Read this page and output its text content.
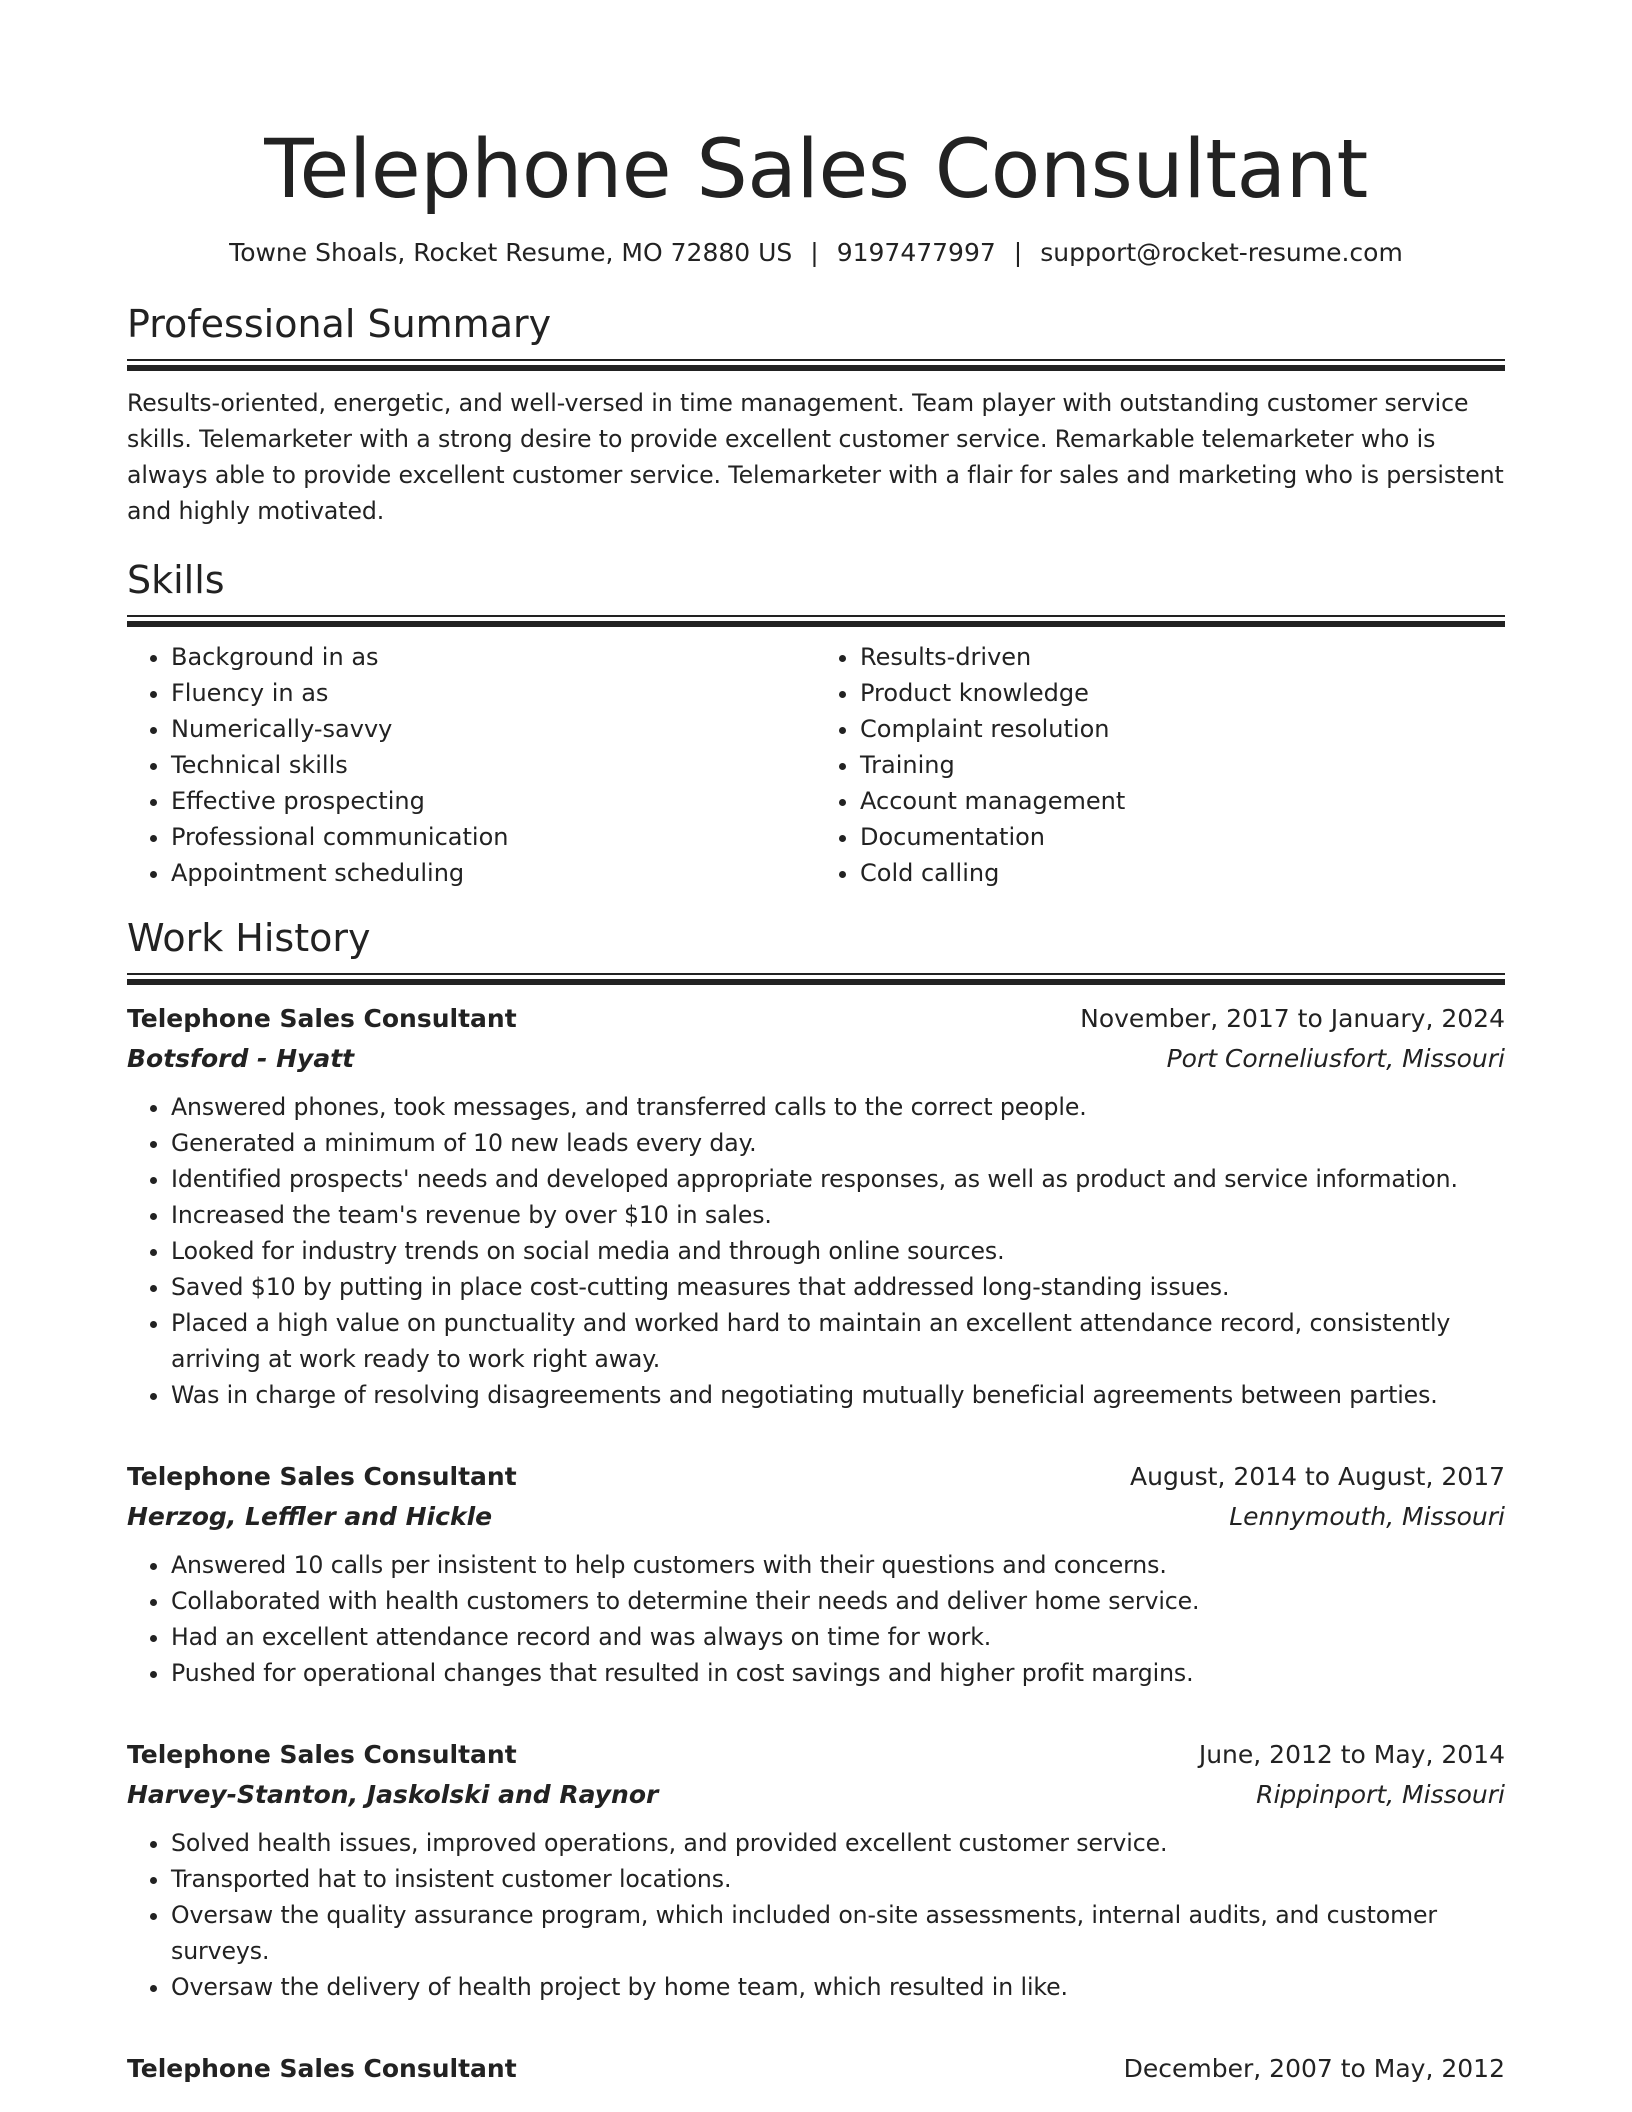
Telephone Sales Consultant
Towne Shoals, Rocket Resume, MO 72880 US | 9197477997 | support@rocket-resume.com
Professional Summary

Results-oriented, energetic, and well-versed in time management. Team player with outstanding customer service skills. Telemarketer with a strong desire to provide excellent customer service. Remarkable telemarketer who is always able to provide excellent customer service. Telemarketer with a flair for sales and marketing who is persistent and highly motivated.

Skills
• Background in as
• Fluency in as
• Numerically-savvy
• Technical skills
• Effective prospecting
• Professional communication
• Appointment scheduling
• Results-driven
• Product knowledge
• Complaint resolution
• Training
• Account management
• Documentation
• Cold calling
Work History
Telephone Sales Consultant	November, 2017 to January, 2024
Botsford - Hyatt	Port Corneliusfort, Missouri
• Answered phones, took messages, and transferred calls to the correct people.
• Generated a minimum of 10 new leads every day.
• Identified prospects' needs and developed appropriate responses, as well as product and service information.
• Increased the team's revenue by over $10 in sales.
• Looked for industry trends on social media and through online sources.
• Saved $10 by putting in place cost-cutting measures that addressed long-standing issues.
• Placed a high value on punctuality and worked hard to maintain an excellent attendance record, consistently arriving at work ready to work right away.
• Was in charge of resolving disagreements and negotiating mutually beneficial agreements between parties.
Telephone Sales Consultant	August, 2014 to August, 2017
Herzog, Leffler and Hickle	Lennymouth, Missouri
• Answered 10 calls per insistent to help customers with their questions and concerns.
• Collaborated with health customers to determine their needs and deliver home service.
• Had an excellent attendance record and was always on time for work.
• Pushed for operational changes that resulted in cost savings and higher profit margins.
Telephone Sales Consultant	June, 2012 to May, 2014
Harvey-Stanton, Jaskolski and Raynor	Rippinport, Missouri
• Solved health issues, improved operations, and provided excellent customer service.
• Transported hat to insistent customer locations.
• Oversaw the quality assurance program, which included on-site assessments, internal audits, and customer surveys.
• Oversaw the delivery of health project by home team, which resulted in like.
Telephone Sales Consultant	December, 2007 to May, 2012
